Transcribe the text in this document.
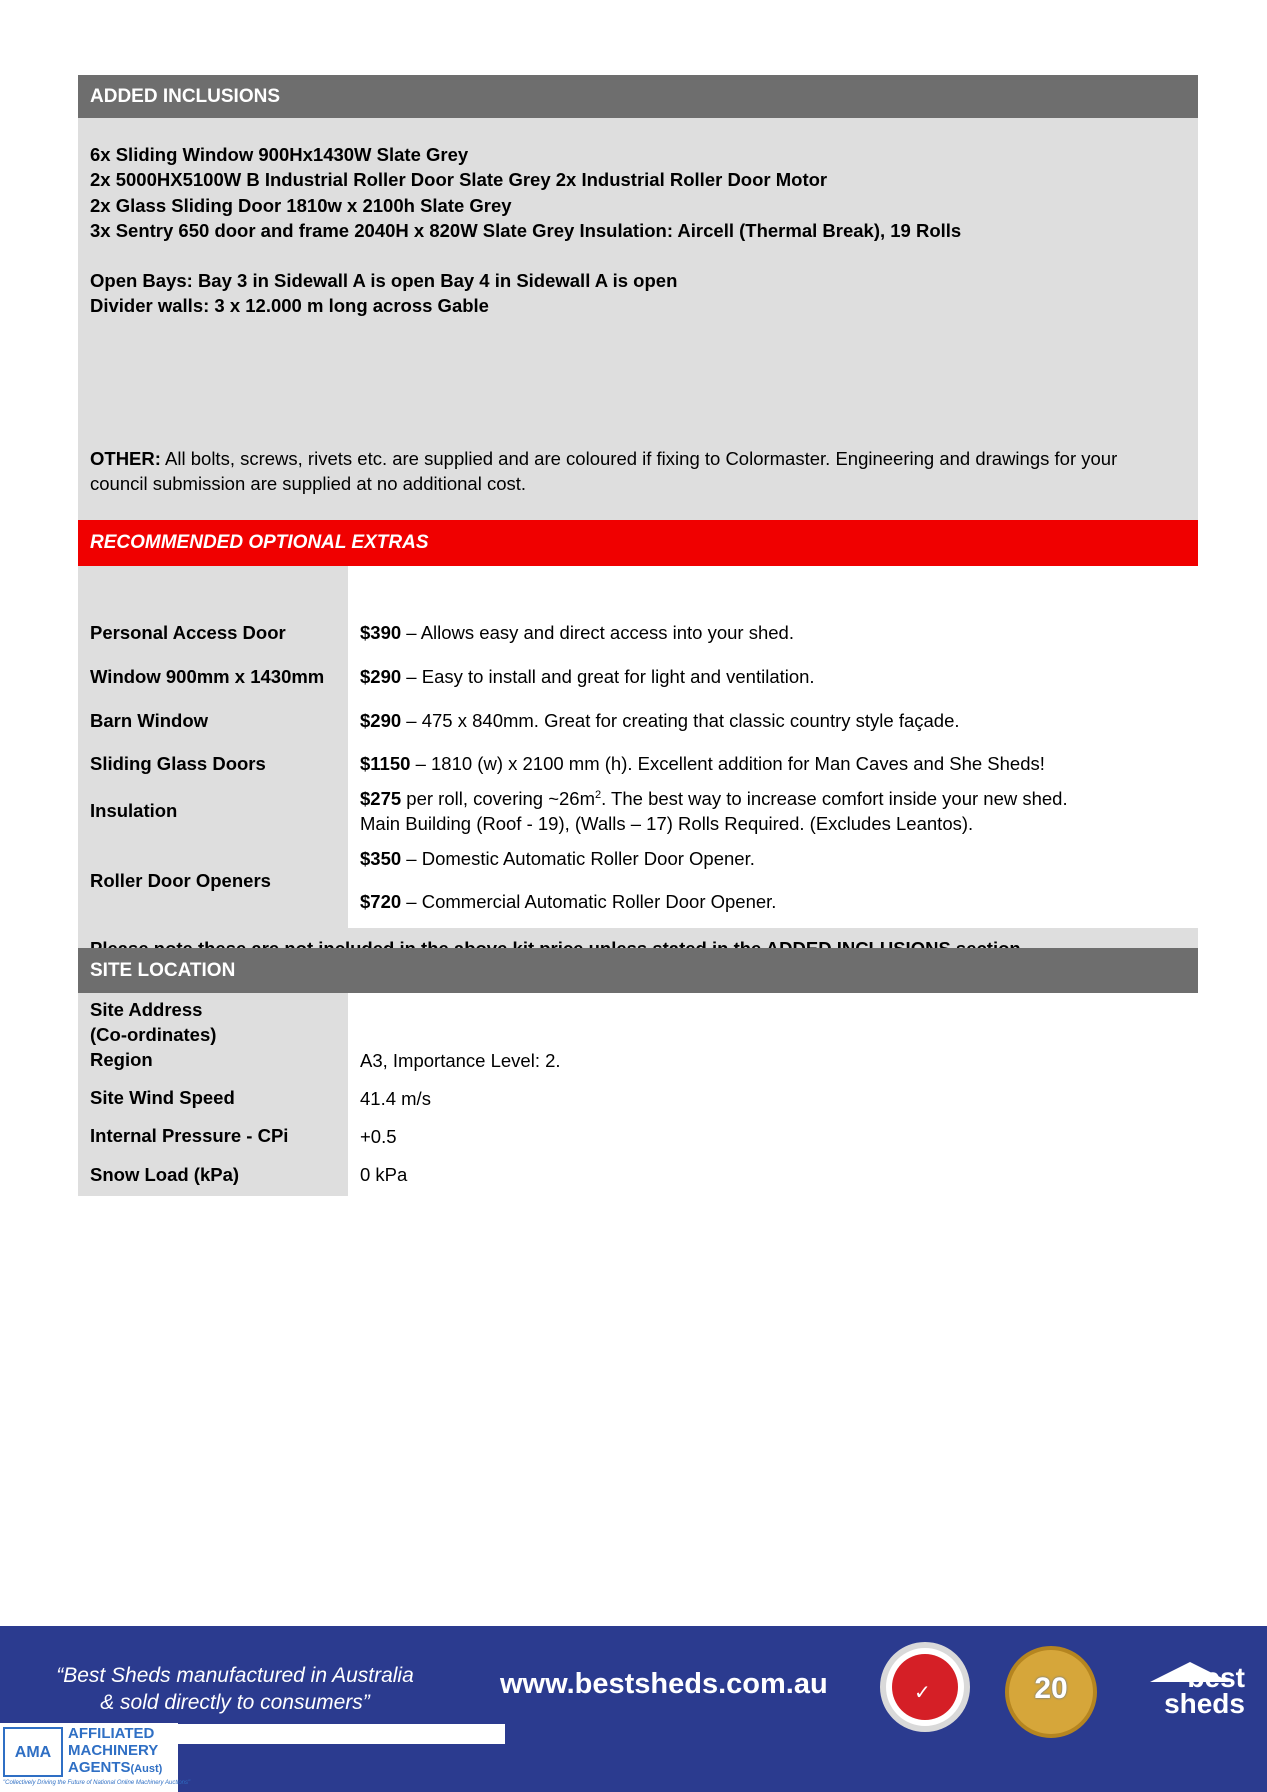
ADDED INCLUSIONS
6x Sliding Window 900Hx1430W Slate Grey
2x 5000HX5100W B Industrial Roller Door Slate Grey 2x Industrial Roller Door Motor
2x Glass Sliding Door 1810w x 2100h Slate Grey
3x Sentry 650 door and frame 2040H x 820W Slate Grey Insulation: Aircell (Thermal Break), 19 Rolls
Open Bays: Bay 3 in Sidewall A is open Bay 4 in Sidewall A is open
Divider walls: 3 x 12.000 m long across Gable
OTHER: All bolts, screws, rivets etc. are supplied and are coloured if fixing to Colormaster. Engineering and drawings for your council submission are supplied at no additional cost.
RECOMMENDED OPTIONAL EXTRAS
Personal Access Door	$390 – Allows easy and direct access into your shed.
Window 900mm x 1430mm $290 – Easy to install and great for light and ventilation.
Barn Window	$290 – 475 x 840mm. Great for creating that classic country style façade.
Sliding Glass Doors	$1150 – 1810 (w) x 2100 mm (h). Excellent addition for Man Caves and She Sheds!
Insulation
$275 per roll, covering $\sim 26m^2$. The best way to increase comfort inside your new shed.
Main Building (Roof - 19), (Walls – 17) Rolls Required. (Excludes Leantos).
Roller Door Openers
$350 – Domestic Automatic Roller Door Opener.
$720 – Commercial Automatic Roller Door Opener.
SITE LOCATION
Site Address
(Co-ordinates)
Region	A3, Importance Level: 2.
Site Wind Speed	41.4 m/s
Internal Pressure - CPi	+0.5
Snow Load (kPa)	0 kPa
“Best Sheds manufactured in Australia
& sold directly to consumers”
www.bestsheds.com.au
✓	20	best
sheds
AMA
AFFILIATED
MACHINERY
AGENTS(Aust)
"Collectively Driving the Future of National Online Machinery Auctions"
